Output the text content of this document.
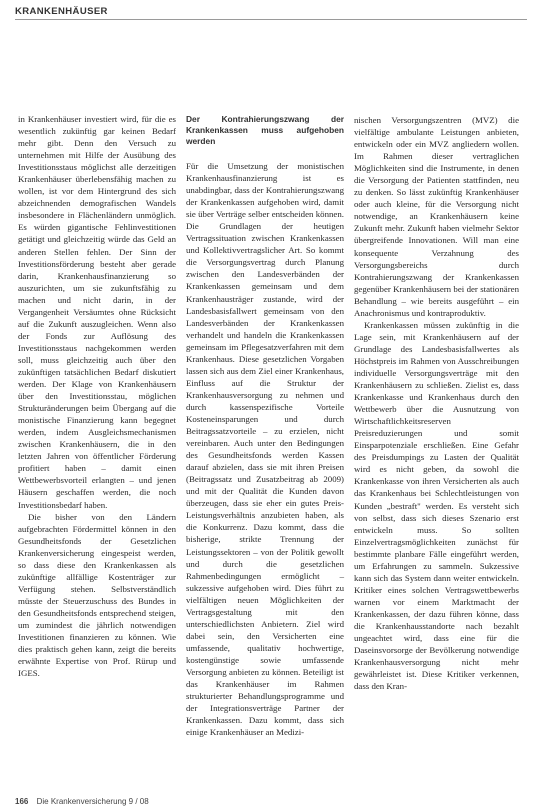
KRANKENHÄUSER

in Krankenhäuser investiert wird, für die es wesentlich zukünftig gar keinen Bedarf mehr gibt. Denn den Versuch zu unternehmen mit Hilfe der Ausübung des Investitionsstaus möglichst alle derzeitigen Krankenhäuser überlebensfähig machen zu wollen, ist vor dem Hintergrund des sich abzeichnenden demografischen Wandels insbesondere in Flächenländern unmöglich. Es würden gigantische Fehlinvestitionen getätigt und gleichzeitig würde das Geld an anderen Stellen fehlen. Der Sinn der Investitionsförderung besteht aber gerade darin, Krankenhausfinanzierung so auszurichten, um sie zukunftsfähig zu machen und nicht darin, in der Vergangenheit Versäumtes ohne Rücksicht auf die Zukunft auszugleichen. Wenn also der Fonds zur Auflösung des Investitionsstaus nachgekommen werden soll, muss gleichzeitig auch über den zukünftigen tatsächlichen Bedarf diskutiert werden. Der Klage von Krankenhäusern über den Investitionsstau, möglichen Strukturänderungen beim Übergang auf die monistische Finanzierung kann begegnet werden, indem Ausgleichsmechanismen zwischen Krankenhäusern, die in den letzten Jahren von öffentlicher Förderung profitiert haben – damit einen Wettbewerbsvorteil erlangten – und jenen Häusern geschaffen werden, die noch Investitionsbedarf haben.

Die bisher von den Ländern aufgebrachten Fördermittel können in den Gesundheitsfonds der Gesetzlichen Krankenversicherung eingespeist werden, so dass diese den Krankenkassen als zukünftige allfällige Kostenträger zur Verfügung stehen. Selbstverständlich müsste der Steuerzuschuss des Bundes in den Gesundheitsfonds entsprechend steigen, um zumindest die jährlich notwendigen Investitionen finanzieren zu können. Wie dies praktisch gehen kann, zeigt die bereits erwähnte Expertise von Prof. Rürup und IGES.

Der Kontrahierungszwang der Krankenkassen muss aufgehoben werden

Für die Umsetzung der monistischen Krankenhausfinanzierung ist es unabdingbar, dass der Kontrahierungszwang der Krankenkassen aufgehoben wird, damit sie über Verträge selber entscheiden können. Die Grundlagen der heutigen Vertragssituation zwischen Krankenkassen und Kollektivvertragslicher Art. So kommt die Versorgungsvertrag durch Planung zwischen den Landesverbänden der Krankenkassen gemeinsam und dem Krankenhausträger zustande, wird der Landesbasisfallwert gemeinsam von den Landesverbänden der Krankenkassen verhandelt und handeln die Krankenkassen gemeinsam im Pflegesatzverfahren mit dem Krankenhaus. Diese gesetzlichen Vorgaben lassen sich aus dem Ziel einer Krankenhaus, Einfluss auf die Struktur der Krankenhausversorgung zu nehmen und durch kassenspezifische Vorteile Kosteneinsparungen und durch Beitragssatzvorteile – zu erzielen, nicht vereinbaren. Auch unter den Bedingungen des Gesundheitsfonds werden Kassen darauf abzielen, dass sie mit ihren Preisen (Beitragssatz und Zusatzbeitrag ab 2009) und mit der Qualität die Kunden davon überzeugen, dass sie eher ein gutes Preis-Leistungsverhältnis anzubieten haben, als die Konkurrenz. Dazu kommt, dass die bisherige, strikte Trennung der Leistungssektoren – von der Politik gewollt und durch die gesetzlichen Rahmenbedingungen ermöglicht – sukzessive aufgehoben wird. Dies führt zu vielfältigen neuen Möglichkeiten der Vertragsgestaltung mit den unterschiedlichsten Anbietern. Ziel wird dabei sein, den Versicherten eine umfassende, qualitativ hochwertige, kostengünstige sowie umfassende Versorgung anbieten zu können. Beteiligt ist das Krankenhäuser im Rahmen strukturierter Behandlungsprogramme und der Integrationsverträge Partner der Krankenkassen. Dazu kommt, dass sich einige Krankenhäuser an Medizi-

nischen Versorgungszentren (MVZ) die vielfältige ambulante Leistungen anbieten, entwickeln oder ein MVZ angliedern wollen. Im Rahmen dieser vertraglichen Möglichkeiten sind die Instrumente, in denen die Versorgung der Patienten stattfinden, neu zu denken. So lässt zukünftig Krankenhäuser oder auch kleine, für die Versorgung nicht notwendige, an Krankenhäusern keine Zukunft mehr. Zukunft haben vielmehr Sektor übergreifende Innovationen. Will man eine konsequente Verzahnung des Versorgungsbereichs durch Kontrahierungszwang der Krankenkassen gegenüber Krankenhäusern bei der stationären Behandlung – wie bereits ausgeführt – ein Anachronismus und kontraproduktiv.

Krankenkassen müssen zukünftig in die Lage sein, mit Krankenhäusern auf der Grundlage des Landesbasisfallwertes als Höchstpreis im Rahmen von Ausschreibungen individuelle Versorgungsverträge mit den Krankenhäusern zu schließen. Zielist es, dass Krankenkasse und Krankenhaus durch den Wettbewerb über die Ausnutzung von Wirtschaftlichkeitsreserven Preisreduzierungen und somit Einsparpotenziale erschließen. Eine Gefahr des Preisdumpings zu Lasten der Qualität wird es nicht geben, da sowohl die Krankenkasse von ihren Versicherten als auch das Krankenhaus bei Schlechtleistungen von Kunden „bestraft" werden. Es versteht sich von selbst, dass sich dieses Szenario erst entwickeln muss. So sollten Einzelvertragsmöglichkeiten zunächst für bestimmte planbare Fälle eingeführt werden, um Erfahrungen zu sammeln. Sukzessive kann sich das System dann weiter entwickeln. Kritiker eines solchen Vertragswettbewerbs warnen vor einem Marktmacht der Krankenkassen, der dazu führen könne, dass die Krankenhausstandorte nach bezahlt ungeachtet wird, dass eine für die Daseinsvorsorge der Bevölkerung notwendige Krankenhausversorgung nicht mehr gewährleistet ist. Diese Kritiker verkennen, dass den Kran-

166 Die Krankenversicherung 9 / 08
